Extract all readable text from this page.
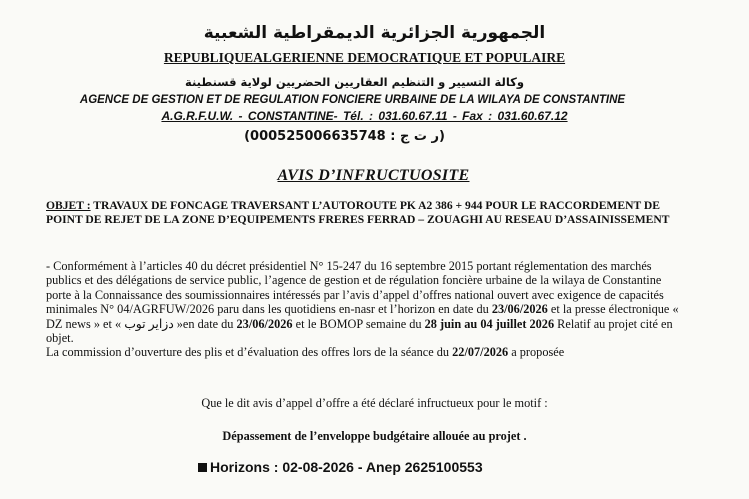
الجمهورية الجزائرية الديمقراطية الشعبية
REPUBLIQUEALGERIENNE DEMOCRATIQUE ET POPULAIRE
وكالة التسيير و التنظيم العقاريين الحضريين لولاية قسنطينة
AGENCE DE GESTION ET DE REGULATION FONCIERE URBAINE DE LA WILAYA DE CONSTANTINE
A.G.R.F.U.W. - CONSTANTINE- Tél. : 031.60.67.11 - Fax : 031.60.67.12
(ر ت ج : 000525006635748)
AVIS D’INFRUCTUOSITE
OBJET : TRAVAUX DE FONCAGE TRAVERSANT L’AUTOROUTE PK A2 386 + 944 POUR LE RACCORDEMENT DE POINT DE REJET DE LA ZONE D’EQUIPEMENTS FRERES FERRAD – ZOUAGHI AU RESEAU D’ASSAINISSEMENT

- Conformément à l’articles 40 du décret présidentiel N° 15-247 du 16 septembre 2015 portant réglementation des marchés publics et des délégations de service public, l’agence de gestion et de régulation foncière urbaine de la wilaya de Constantine porte à la Connaissance des soumissionnaires intéressés par l’avis d’appel d’offres national ouvert avec exigence de capacités minimales N° 04/AGRFUW/2026 paru dans les quotidiens en-nasr et l’horizon en date du 23/06/2026 et la presse électronique « DZ news » et « دزاير توب »en date du 23/06/2026 et le BOMOP semaine du 28 juin au 04 juillet 2026 Relatif au projet cité en objet.

La commission d’ouverture des plis et d’évaluation des offres lors de la séance du 22/07/2026 a proposée

Que le dit avis d’appel d’offre a été déclaré infructueux pour le motif :
Dépassement de l’enveloppe budgétaire allouée au projet .
Horizons : 02-08-2026 - Anep 2625100553
